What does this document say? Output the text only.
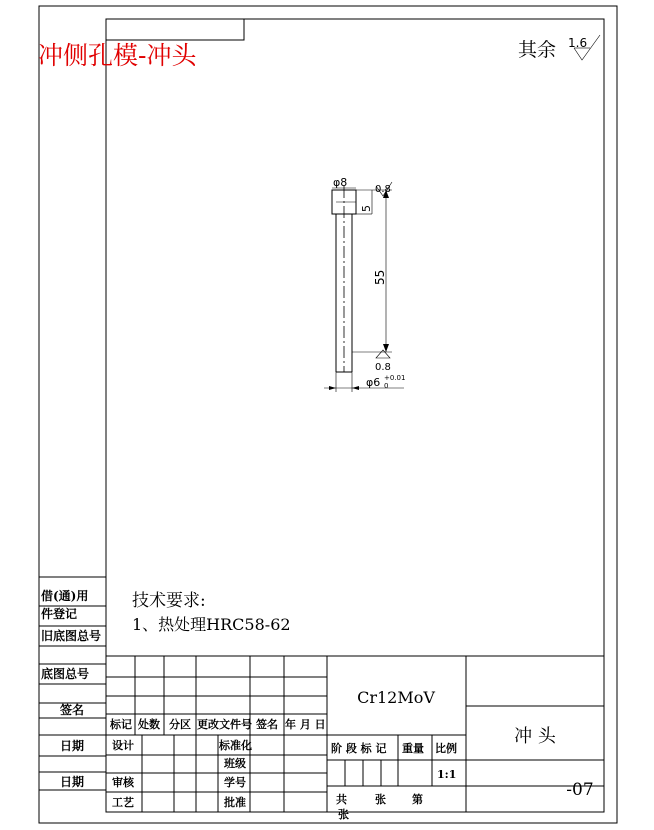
冲侧孔模-冲头	其余 1.6
φ8
0.8
5
55
0.8
φ6 +0.01
0
技术要求:
1、热处理HRC58-62
借(通)用
件登记
旧底图总号
底图总号
签名
日期
日期
Cr12MoV
冲 头
-07
标记 处数 分区 更改文件号 签名 年 月 日
设计	标准化
班级
审核	学号
工艺	批准
阶 段 标 记 重量 比例
1:1
共	张 第
张
